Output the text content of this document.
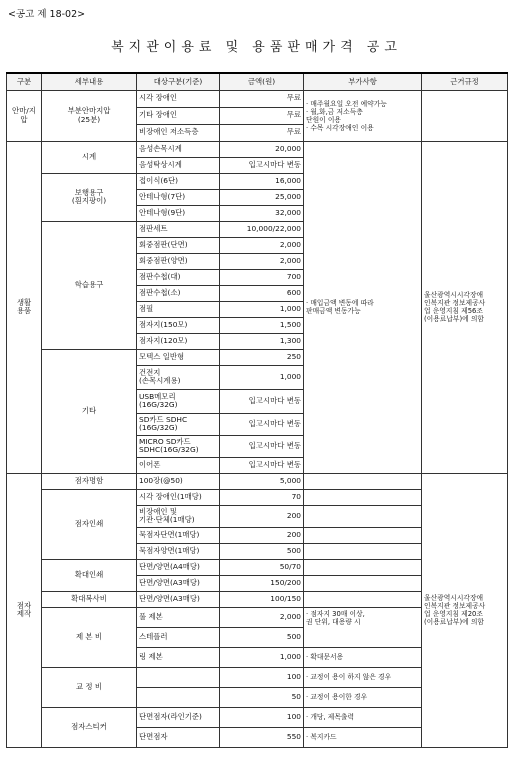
<공고 제 18-02>
복지관이용료 및 용품판매가격 공고
구분	세부내용	대상구분(기준)	금액(원)	부가사항	근거규정
안마/지압	부분안마지압
(25분)	시각 장애인	무료	· 매주월요일 오전 예약가능
· 월,화,금 저소득층
단원이 이용
· 수목 시각장애인 이용	
		기타 장애인	무료		
		비장애인 저소득층	무료		
생활
용품	시계	음성손목시계	20,000	· 매입금액 변동에 따라
판매금액 변동가능	울산광역시시각장애
인복지관 정보제공사
업 운영지침 제56조
(이용료납부)에 의함
		음성탁상시계	입고시마다 변동		
	보행용구
(흰지팡이)	접이식(6단)	16,000		
		안테나형(7단)	25,000		
		안테나형(9단)	32,000		
	학습용구	점판세트	10,000/22,000		
		회중점판(단면)	2,000		
		회중점판(양면)	2,000		
		점판수첩(대)	700		
		점판수첩(소)	600		
		점필	1,000		
		점자지(150모)	1,500		
		점자지(120모)	1,300		
	기타	모텍스 일반형	250		
		건전지
(손목시계용)	1,000		
		USB메모리
(16G/32G)	입고시마다 변동		
		SD카드 SDHC
(16G/32G)	입고시마다 변동		
		MICRO SD카드
SDHC(16G/32G)	입고시마다 변동		
		이어폰	입고시마다 변동		
점자
제작	점자명함	100장(@50)	5,000		울산광역시시각장애
인복지관 정보제공사
업 운영지침 제20조
(이용료납부)에 의함
	점자인쇄	시각 장애인(1매당)	70		
		비장애인 및
기관·단체(1매당)	200		
		묵점자단면(1매당)	200		
		묵점자양면(1매당)	500		
	확대인쇄	단면/양면(A4매당)	50/70		
		단면/양면(A3매당)	150/200		
	확대복사비	단면/양면(A3매당)	100/150		
	제 본 비	풀 제본	2,000	· 점자지 30매 이상,
권 단위, 대용량 시	
		스테플러	500		
		링 제본	1,000	· 확대문서용	
	교 정 비		100	· 교정이 용이 하지 않은 경우	
			50	· 교정이 용이한 경우	
	점자스티커	단면점자(라인기준)	100	· 개당, 제목출력	
		단면점자	550	· 복지카드	
